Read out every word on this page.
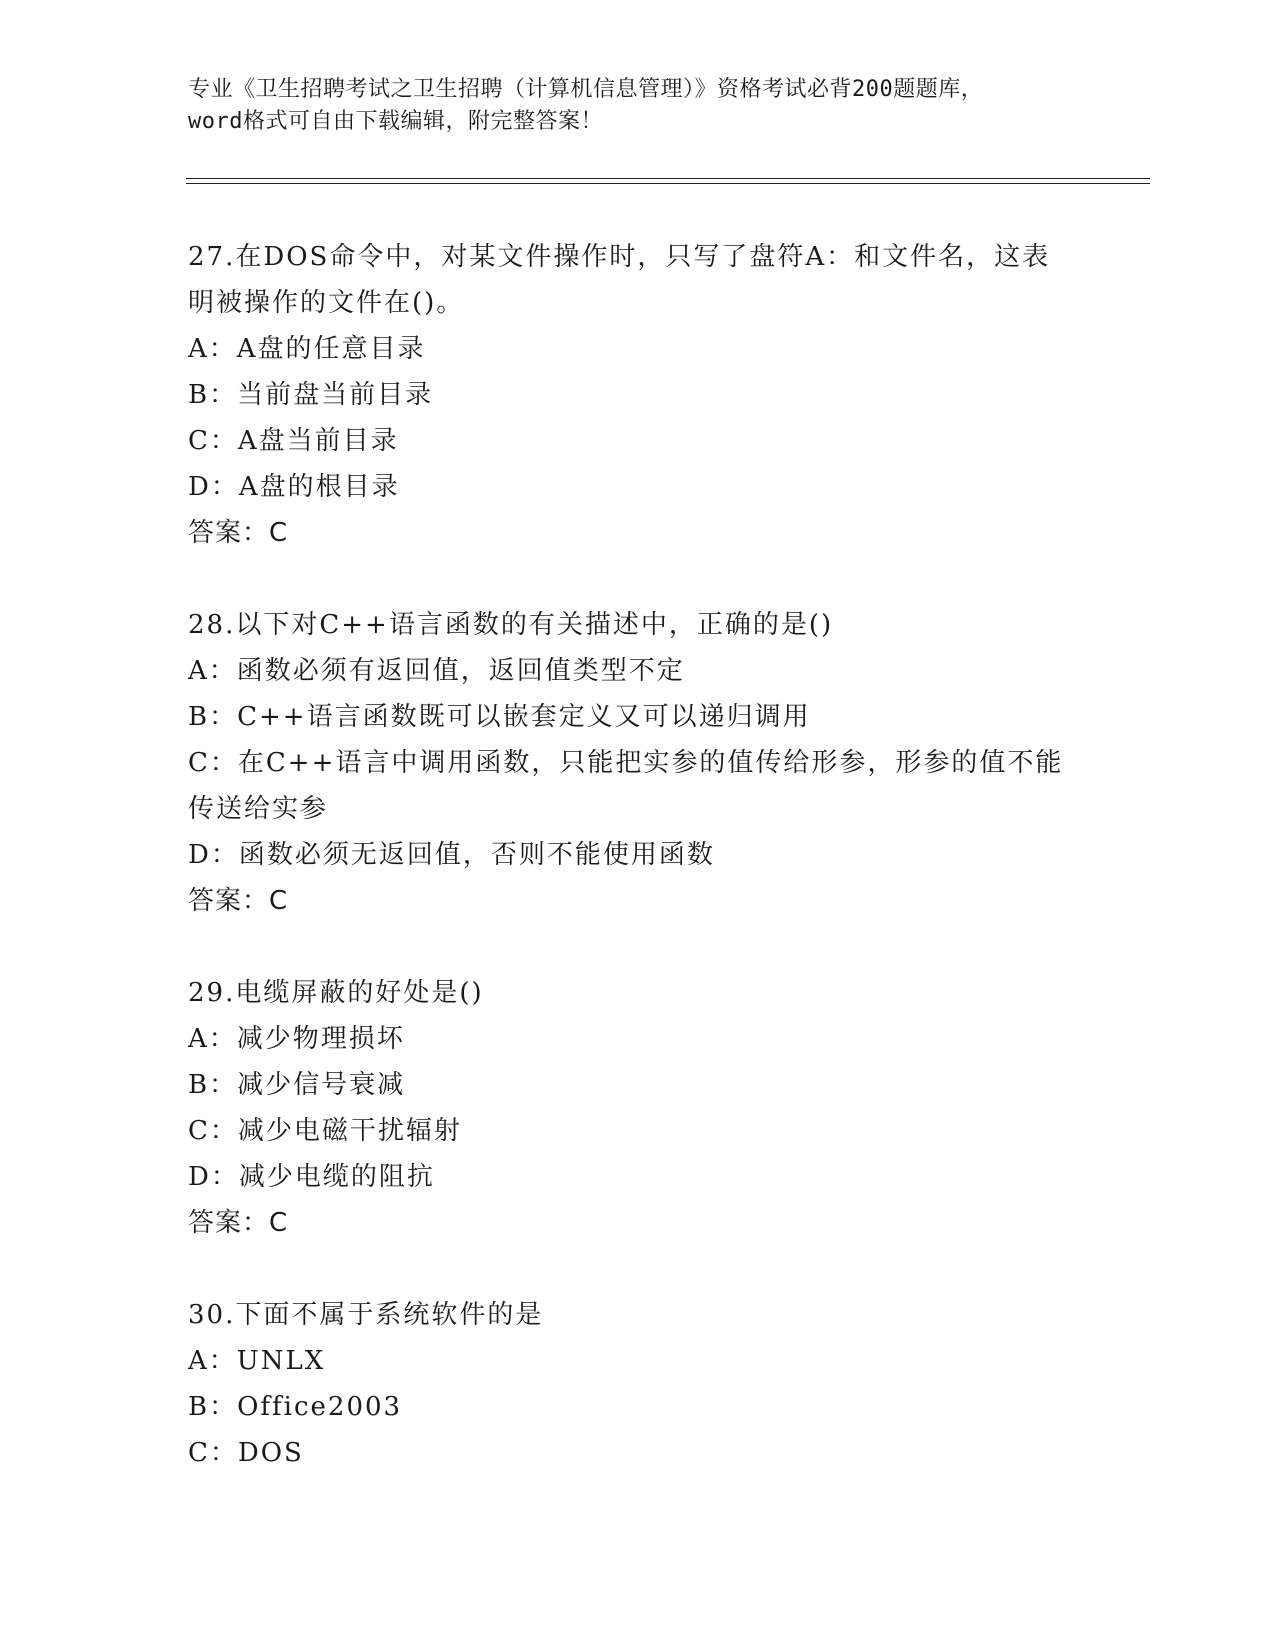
专业《卫生招聘考试之卫生招聘（计算机信息管理）》资格考试必背200题题库，
word格式可自由下载编辑，附完整答案！
27.在DOS命令中，对某文件操作时，只写了盘符A：和文件名，这表
明被操作的文件在()。
A：A盘的任意目录
B：当前盘当前目录
C：A盘当前目录
D：A盘的根目录
答案：C
28.以下对C++语言函数的有关描述中，正确的是()
A：函数必须有返回值，返回值类型不定
B：C++语言函数既可以嵌套定义又可以递归调用
C：在C++语言中调用函数，只能把实参的值传给形参，形参的值不能
传送给实参
D：函数必须无返回值，否则不能使用函数
答案：C
29.电缆屏蔽的好处是()
A：减少物理损坏
B：减少信号衰减
C：减少电磁干扰辐射
D：减少电缆的阻抗
答案：C
30.下面不属于系统软件的是
A：UNLX
B：Office2003
C：DOS
